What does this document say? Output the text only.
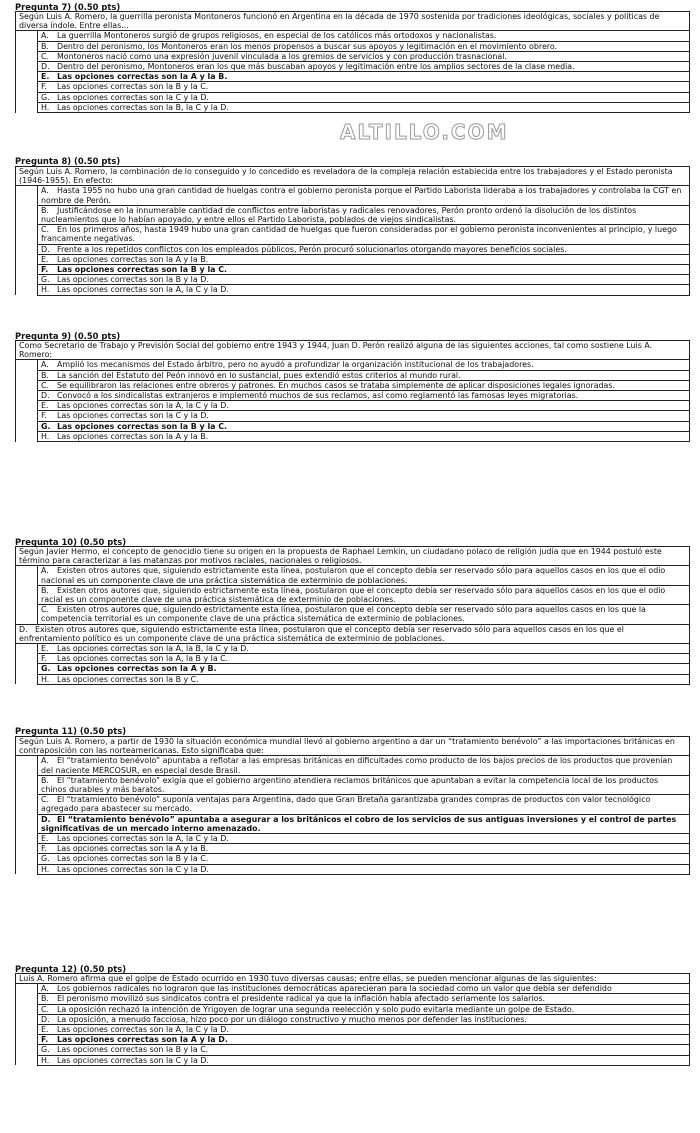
ALTILLO.COM
Pregunta 7) (0.50 pts)
Según Luis A. Romero, la guerrilla peronista Montoneros funcionó en Argentina en la década de 1970 sostenida por tradiciones ideológicas, sociales y políticas de diversa índole. Entre ellas...	
	A. La guerrilla Montoneros surgió de grupos religiosos, en especial de los católicos más ortodoxos y nacionalistas.
	B. Dentro del peronismo, los Montoneros eran los menos propensos a buscar sus apoyos y legitimación en el movimiento obrero.
	C. Montoneros nació como una expresión juvenil vinculada a los gremios de servicios y con producción trasnacional.
	D. Dentro del peronismo, Montoneros eran los que más buscaban apoyos y legitimación entre los amplios sectores de la clase media.
	E. Las opciones correctas son la A y la B.
	F. Las opciones correctas son la B y la C.
	G. Las opciones correctas son la C y la D.
	H. Las opciones correctas son la B, la C y la D.
Pregunta 8) (0.50 pts)
Según Luis A. Romero, la combinación de lo conseguido y lo concedido es reveladora de la compleja relación estabiecida entre los trabajadores y el Estado peronista (1946-1955). En efecto:	
	A. Hasta 1955 no hubo una gran cantidad de huelgas contra el gobierno peronista porque el Partido Laborista lideraba a los trabajadores y controlaba la CGT en nombre de Perón.
	B. Justificándose en la innumerable cantidad de conflictos entre laboristas y radicales renovadores, Perón pronto ordenó la disolución de los distintos nucleamientos que lo habían apoyado, y entre ellos el Partido Laborista, poblados de viejos sindicalistas.
	C. En los primeros años, hasta 1949 hubo una gran cantidad de huelgas que fueron consideradas por el gobierno peronista inconvenientes al principio, y luego francamente negativas.
	D. Frente a los repetidos conflictos con los empleados públicos, Perón procuró solucionarlos otorgando mayores beneficios sociales.
	E. Las opciones correctas son la A y la B.
	F. Las opciones correctas son la B y la C.
	G. Las opciones correctas son la B y la D.
	H. Las opciones correctas son la A, la C y la D.
Pregunta 9) (0.50 pts)
Como Secretario de Trabajo y Previsión Social del gobierno entre 1943 y 1944, Juan D. Perón realizó alguna de las siguientes acciones, tal como sostiene Luis A. Romero:	
	A. Amplió los mecanismos del Estado árbitro, pero no ayudó a profundizar la organización institucional de los trabajadores.
	B. La sanción del Estatuto del Peón innovó en lo sustancial, pues extendió estos criterios al mundo rural.
	C. Se equilibraron las relaciones entre obreros y patrones. En muchos casos se trataba simplemente de aplicar disposiciones legales ignoradas.
	D. Convocó a los sindicalistas extranjeros e implementó muchos de sus reclamos, así como reglamentó las famosas leyes migratorias.
	E. Las opciones correctas son la A, la C y la D.
	F. Las opciones correctas son la C y la D.
	G. Las opciones correctas son la B y la C.
	H. Las opciones correctas son la A y la B.
Pregunta 10) (0.50 pts)
Según Javier Hermo, el concepto de genocidio tiene su origen en la propuesta de Raphael Lemkin, un ciudadano polaco de religión judía que en 1944 postuló este término para caracterizar a las matanzas por motivos raciales, nacionales o religiosos.	
	A. Existen otros autores que, siguiendo estrictamente esta línea, postularon que el concepto debía ser reservado sólo para aquellos casos en los que el odio nacional es un componente clave de una práctica sistemática de exterminio de poblaciones.
	B. Existen otros autores que, siguiendo estrictamente esta línea, postularon que el concepto debía ser reservado sólo para aquellos casos en los que el odio racial es un componente clave de una práctica sistemática de exterminio de poblaciones.
	C. Existen otros autores que, siguiendo estrictamente esta línea, postularon que el concepto debía ser reservado sólo para aquellos casos en los que la competencia territorial es un componente clave de una práctica sistemática de exterminio de poblaciones.
D. Existen otros autores que, siguiendo estrictamente esta línea, postularon que el concepto debía ser reservado sólo para aquellos casos en los que el enfrentamiento político es un componente clave de una práctica sistemática de exterminio de poblaciones.	
	E. Las opciones correctas son la A, la B, la C y la D.
	F. Las opciones correctas son la A, la B y la C.
	G. Las opciones correctas son la A y B.
	H. Las opciones correctas son la B y C.
Pregunta 11) (0.50 pts)
Según Luis A. Romero, a partir de 1930 la situación económica mundial llevó al gobierno argentino a dar un “tratamiento benévolo” a las importaciones británicas en contraposición con las norteamericanas. Esto significaba que:	
	A. El “tratamiento benévolo” apuntaba a reflotar a las empresas británicas en dificultades como producto de los bajos precios de los productos que provenían del naciente MERCOSUR, en especial desde Brasil.
	B. El “tratamiento benévolo” exigía que el gobierno argentino atendiera reclamos británicos que apuntaban a evitar la competencia local de los productos chinos durables y más baratos.
	C. El “tratamiento benévolo” suponía ventajas para Argentina, dado que Gran Bretaña garantizaba grandes compras de productos con valor tecnológico agregado para abastecer su mercado.
	D. El “tratamiento benévolo” apuntaba a asegurar a los británicos el cobro de los servicios de sus antiguas inversiones y el control de partes significativas de un mercado interno amenazado.
	E. Las opciones correctas son la A, la C y la D.
	F. Las opciones correctas son la A y la B.
	G. Las opciones correctas son la B y la C.
	H. Las opciones correctas son la C y la D.
Pregunta 12) (0.50 pts)
Luis A. Romero afirma que el golpe de Estado ocurrido en 1930 tuvo diversas causas; entre ellas, se pueden mencionar algunas de las siguientes:	
	A. Los gobiernos radicales no lograron que las instituciones democráticas aparecieran para la sociedad como un valor que debía ser defendido
	B. El peronismo movilizó sus sindicatos contra el presidente radical ya que la inflación había afectado seriamente los salarios.
	C. La oposición rechazó la intención de Yrigoyen de lograr una segunda reelección y solo pudo evitarla mediante un golpe de Estado.
	D. La oposición, a menudo facciosa, hizo poco por un diálogo constructivo y mucho menos por defender las instituciones.
	E. Las opciones correctas son la A, la C y la D.
	F. Las opciones correctas son la A y la D.
	G. Las opciones correctas son la B y la C.
	H. Las opciones correctas son la C y la D.
